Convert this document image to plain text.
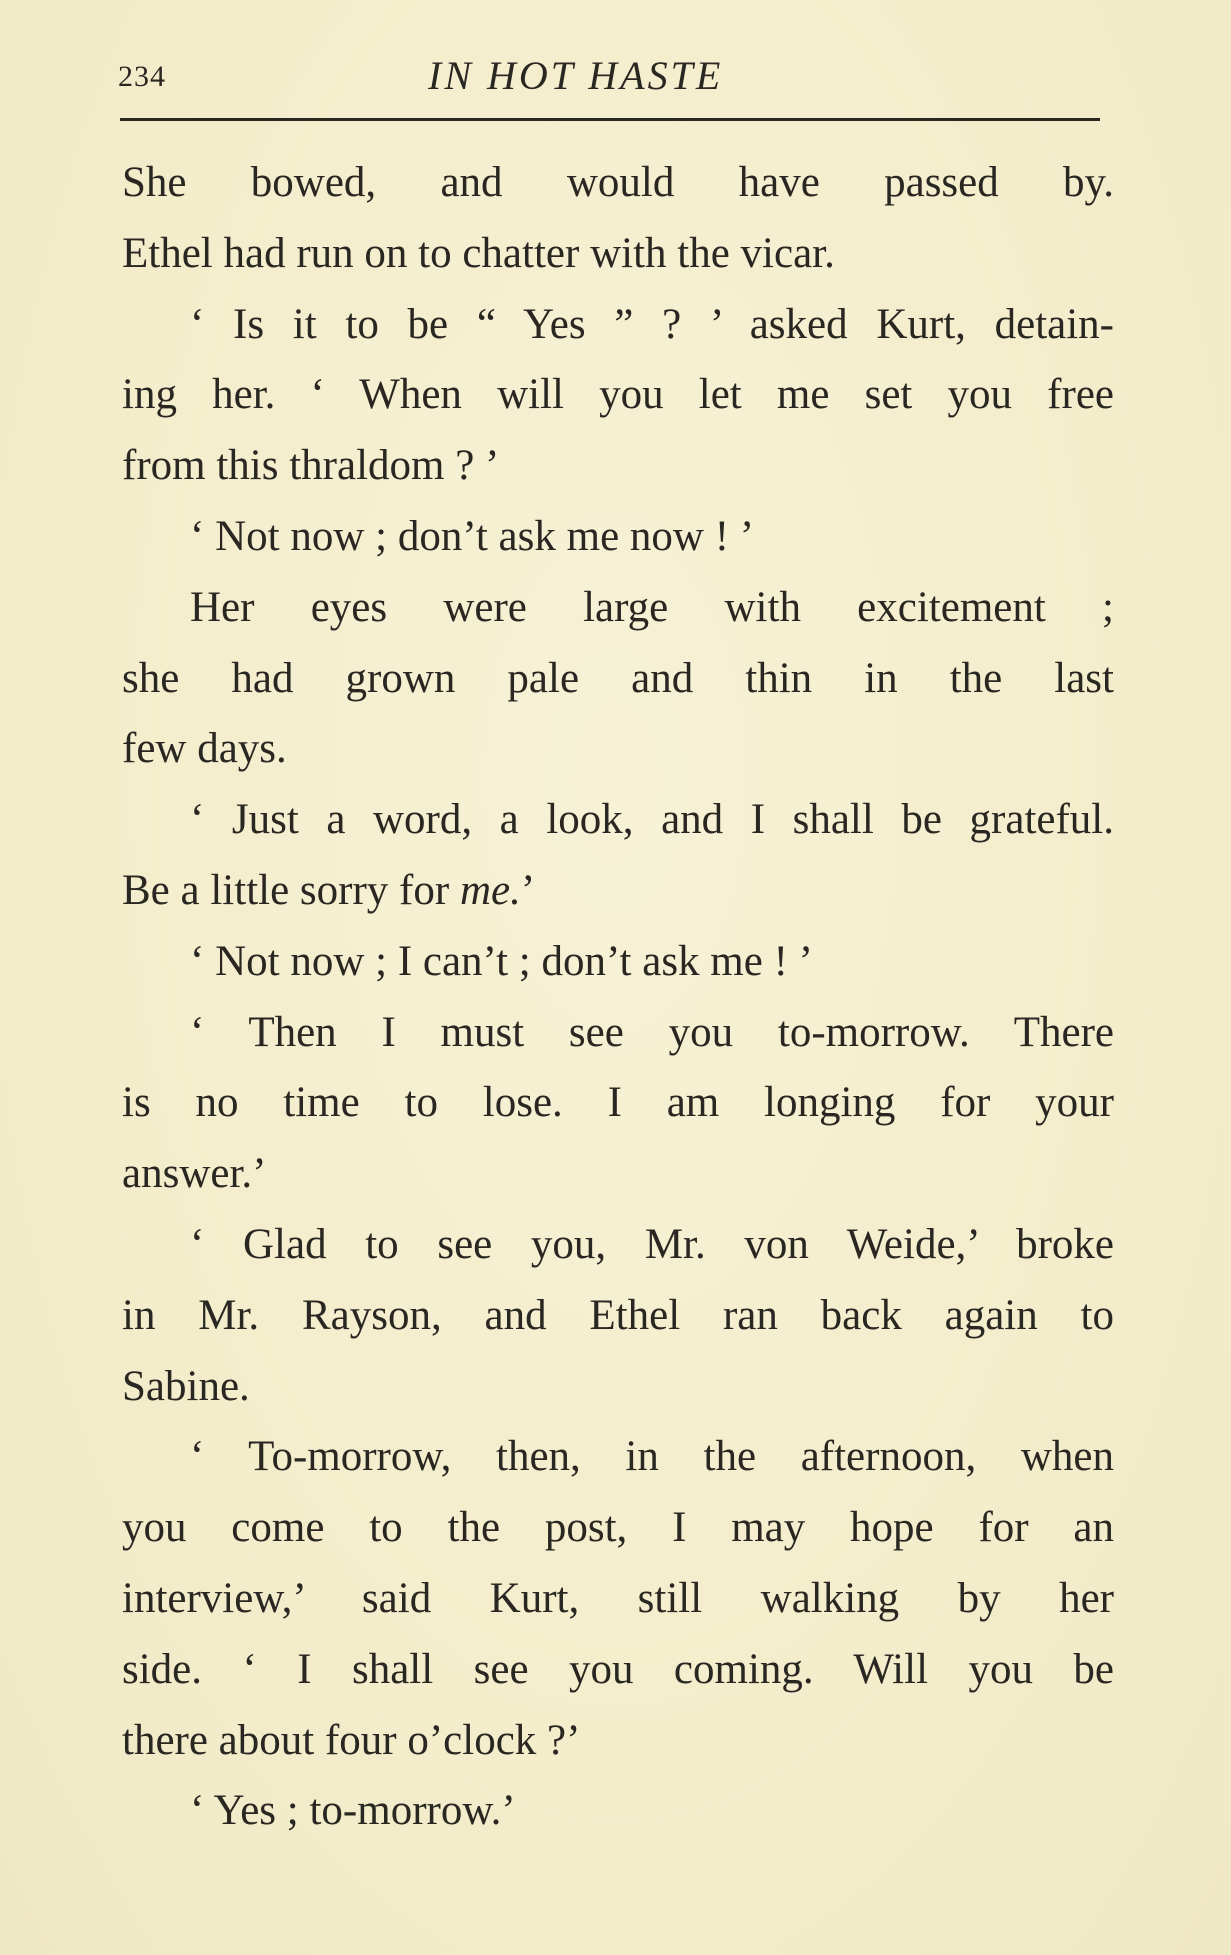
234	IN HOT HASTE
She bowed, and would have passed by.
Ethel had run on to chatter with the vicar.
‘ Is it to be “ Yes ” ? ’ asked Kurt, detain-
ing her. ‘ When will you let me set you free
from this thraldom ? ’
‘ Not now ; don’t ask me now ! ’
Her eyes were large with excitement ;
she had grown pale and thin in the last
few days.
‘ Just a word, a look, and I shall be grateful.
Be a little sorry for me.’
‘ Not now ; I can’t ; don’t ask me ! ’
‘ Then I must see you to-morrow. There
is no time to lose. I am longing for your
answer.’
‘ Glad to see you, Mr. von Weide,’ broke
in Mr. Rayson, and Ethel ran back again to
Sabine.
‘ To-morrow, then, in the afternoon, when
you come to the post, I may hope for an
interview,’ said Kurt, still walking by her
side. ‘ I shall see you coming. Will you be
there about four o’clock ?’
‘ Yes ; to-morrow.’
